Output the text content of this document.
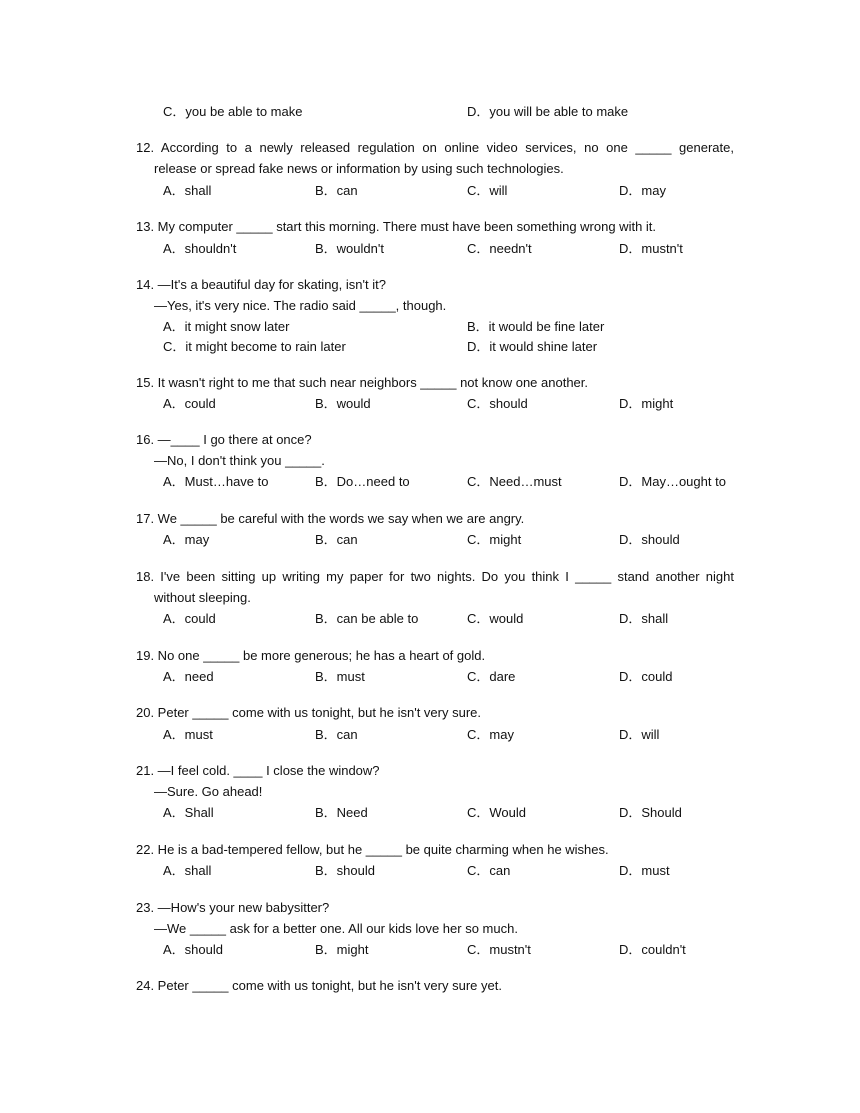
C．you be able to make	D．you will be able to make
12. According to a newly released regulation on online video services, no one _____ generate,
release or spread fake news or information by using such technologies.
A．shall	B．can	C．will	D．may
13. My computer _____ start this morning. There must have been something wrong with it.
A．shouldn't	B．wouldn't	C．needn't	D．mustn't
14. —It's a beautiful day for skating, isn't it?
—Yes, it's very nice. The radio said _____, though.
A．it might snow later	B．it would be fine later
C．it might become to rain later	D．it would shine later
15. It wasn't right to me that such near neighbors _____ not know one another.
A．could	B．would	C．should	D．might
16. —____ I go there at once?
—No, I don't think you _____.
A．Must…have to	B．Do…need to	C．Need…must	D．May…ought to
17. We _____ be careful with the words we say when we are angry.
A．may	B．can	C．might	D．should
18. I've been sitting up writing my paper for two nights. Do you think I _____ stand another night
without sleeping.
A．could	B．can be able to	C．would	D．shall
19. No one _____ be more generous; he has a heart of gold.
A．need	B．must	C．dare	D．could
20. Peter _____ come with us tonight, but he isn't very sure.
A．must	B．can	C．may	D．will
21. —I feel cold. ____ I close the window?
—Sure. Go ahead!
A．Shall	B．Need	C．Would	D．Should
22. He is a bad-tempered fellow, but he _____ be quite charming when he wishes.
A．shall	B．should	C．can	D．must
23. —How's your new babysitter?
—We _____ ask for a better one. All our kids love her so much.
A．should	B．might	C．mustn't	D．couldn't
24. Peter _____ come with us tonight, but he isn't very sure yet.
